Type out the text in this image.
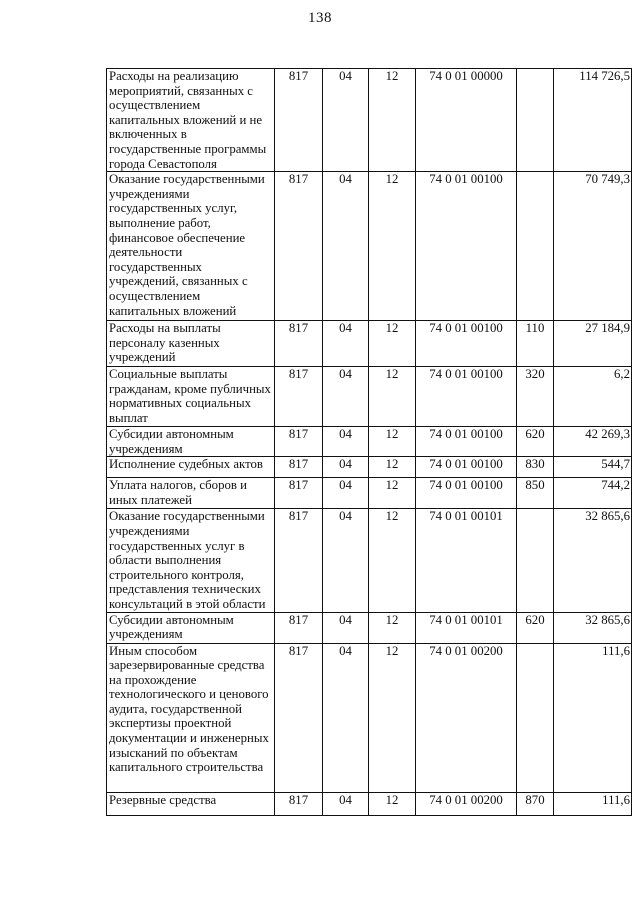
138
Расходы на реализацию мероприятий, связанных с осуществлением капитальных вложений и не включенных в государственные программы города Севастополя	817	04	12	74 0 01 00000		114 726,5
Оказание государственными учреждениями государственных услуг, выполнение работ, финансовое обеспечение деятельности государственных учреждений, связанных с осуществлением капитальных вложений	817	04	12	74 0 01 00100		70 749,3
Расходы на выплаты персоналу казенных учреждений	817	04	12	74 0 01 00100	110	27 184,9
Социальные выплаты гражданам, кроме публичных нормативных социальных выплат	817	04	12	74 0 01 00100	320	6,2
Субсидии автономным учреждениям	817	04	12	74 0 01 00100	620	42 269,3
Исполнение судебных актов	817	04	12	74 0 01 00100	830	544,7
Уплата налогов, сборов и иных платежей	817	04	12	74 0 01 00100	850	744,2
Оказание государственными учреждениями государственных услуг в области выполнения строительного контроля, представления технических консультаций в этой области	817	04	12	74 0 01 00101		32 865,6
Субсидии автономным учреждениям	817	04	12	74 0 01 00101	620	32 865,6
Иным способом зарезервированные средства на прохождение технологического и ценового аудита, государственной экспертизы проектной документации и инженерных изысканий по объектам капитального строительства	817	04	12	74 0 01 00200		111,6
Резервные средства	817	04	12	74 0 01 00200	870	111,6
